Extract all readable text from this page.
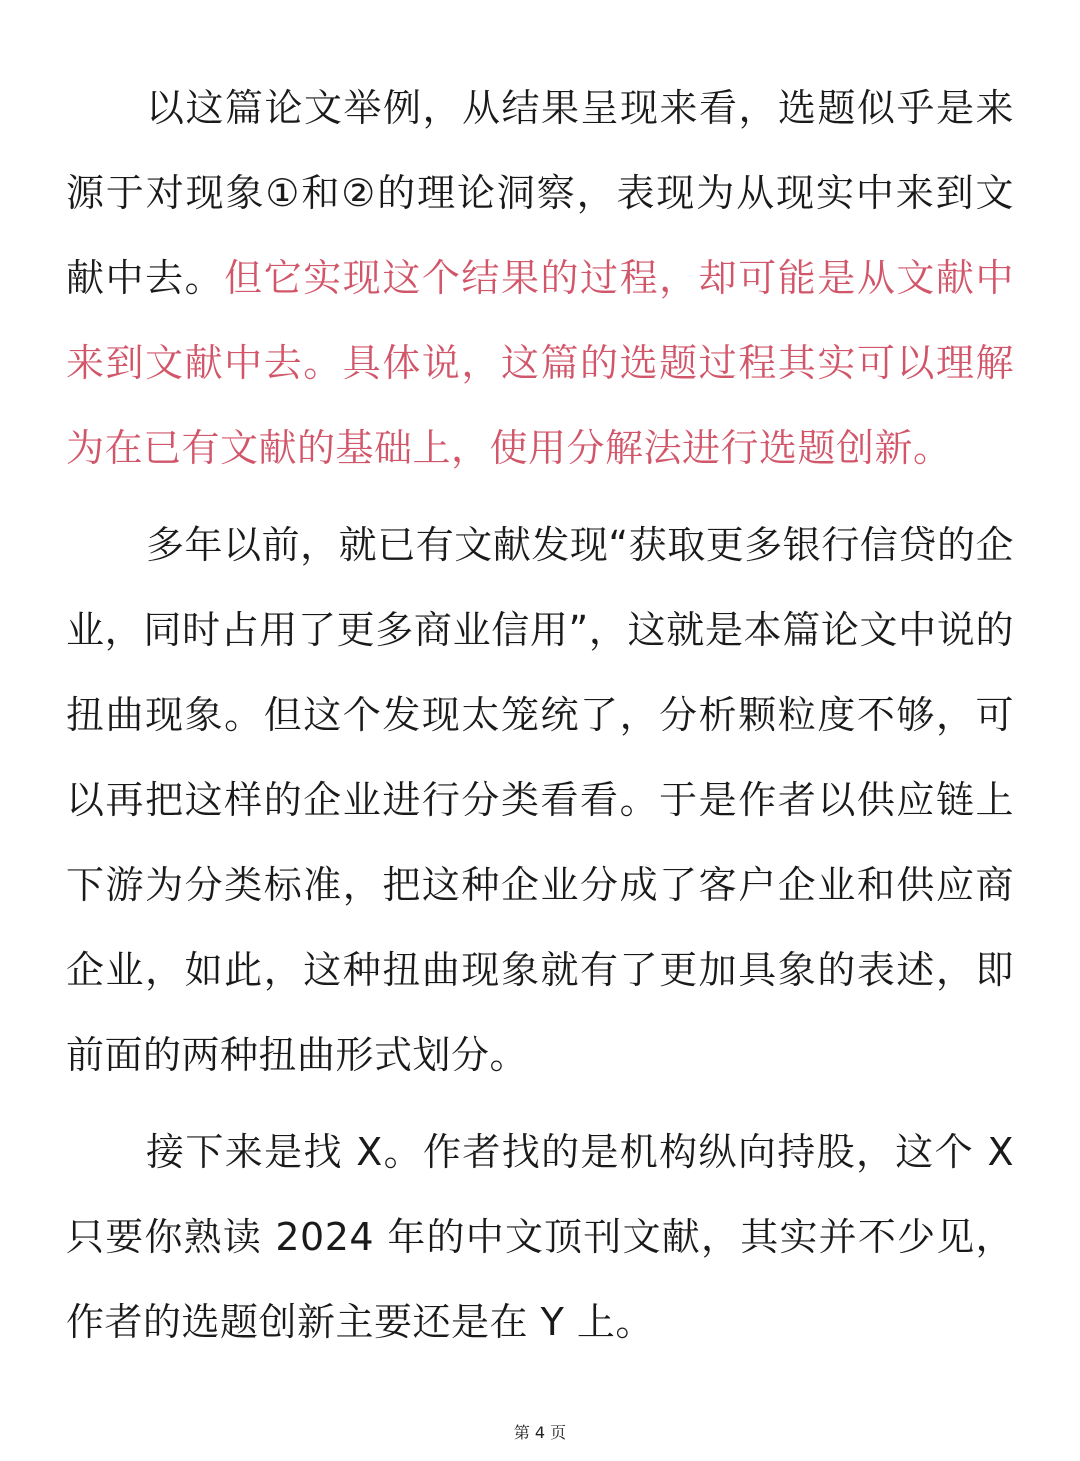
以这篇论文举例，从结果呈现来看，选题似乎是来源于对现象①和②的理论洞察，表现为从现实中来到文献中去。但它实现这个结果的过程，却可能是从文献中来到文献中去。具体说，这篇的选题过程其实可以理解为在已有文献的基础上，使用分解法进行选题创新。

多年以前，就已有文献发现“获取更多银行信贷的企业，同时占用了更多商业信用”，这就是本篇论文中说的扭曲现象。但这个发现太笼统了，分析颗粒度不够，可以再把这样的企业进行分类看看。于是作者以供应链上下游为分类标准，把这种企业分成了客户企业和供应商企业，如此，这种扭曲现象就有了更加具象的表述，即前面的两种扭曲形式划分。

接下来是找 X。作者找的是机构纵向持股，这个 X 只要你熟读 2024 年的中文顶刊文献，其实并不少见，作者的选题创新主要还是在 Y 上。

第 4 页
